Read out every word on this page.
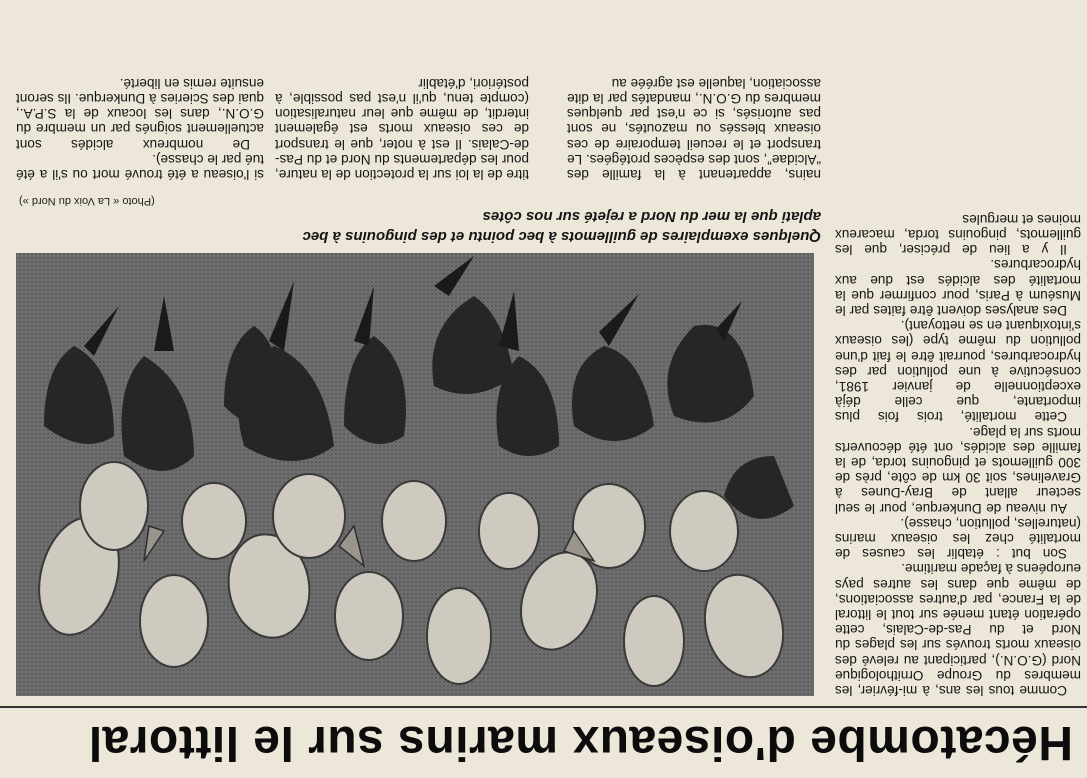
Hécatombe d'oiseaux marins sur le littoral

Comme tous les ans, à mi-février, les membres du Groupe Ornithologique Nord (G.O.N.), participant au relevé des oiseaux morts trouvés sur les plages du Nord et du Pas-de-Calais, cette opération étant menée sur tout le littoral de la France, par d'autres associations, de même que dans les autres pays européens à façade maritime.

Son but : établir les causes de mortalité chez les oiseaux marins (naturelles, pollution, chasse).

Au niveau de Dunkerque, pour le seul secteur allant de Bray-Dunes à Gravelines, soit 30 km de côte, près de 300 guillemots et pingouins torda, de la famille des alcidés, ont été découverts morts sur la plage.

Cette mortalité, trois fois plus importante, que celle déjà exceptionnelle de janvier 1981, consécutive à une pollution par des hydrocarbures, pourrait être le fait d'une pollution du même type (les oiseaux s'intoxiquant en se nettoyant).

Des analyses doivent être faites par le Muséum à Paris, pour confirmer que la mortalité des alcidés est due aux hydrocarbures.

Il y a lieu de préciser, que les guillemots, pingouins torda, macareux moines et mergules

Quelques exemplaires de guillemots à bec pointu et des pingouins à bec aplati que la mer du Nord a rejeté sur nos côtes

(Photo « La Voix du Nord »)

nains, appartenant à la famille des “Alcidae”, sont des espèces protégées. Le transport et le recueil temporaire de ces oiseaux blessés ou mazoutés, ne sont pas autorisés, si ce n'est par quelques membres du G.O.N., mandatés par la dite association, laquelle est agréée au

titre de la loi sur la protection de la nature, pour les départements du Nord et du Pas-de-Calais. Il est à noter, que le transport de ces oiseaux morts est également interdit, de même que leur naturalisation (compte tenu, qu'il n'est pas possible, à postériori, d'établir

si l'oiseau a été trouvé mort ou s'il a été tué par le chasse).

De nombreux alcidés sont actuellement soignés par un membre du G.O.N., dans les locaux de la S.P.A., quai des Scieries à Dunkerque. Ils seront ensuite remis en liberté.
